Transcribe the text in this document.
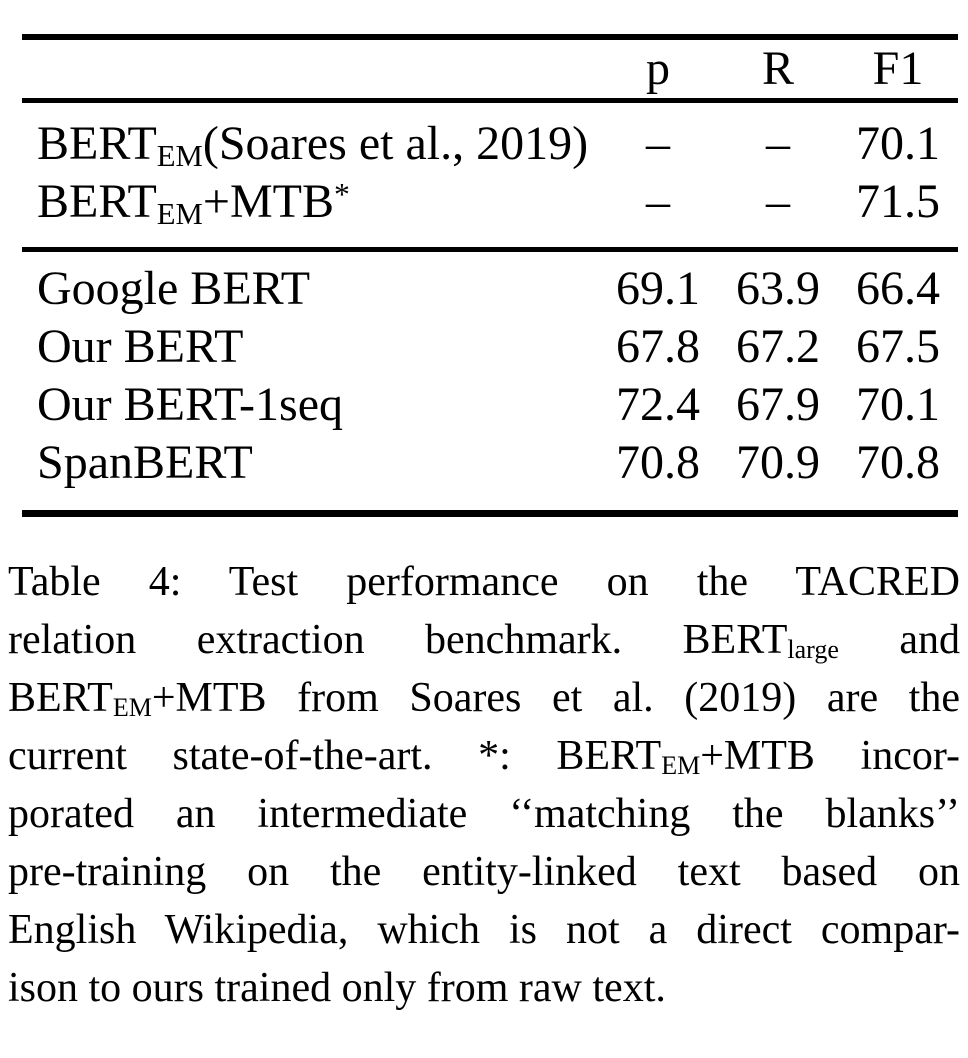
	p	R	F1
$BERT_{EM}(Soares$ et al., 2019)	–	–	70.1
$BERT_{EM}+MTB^*$	–	–	71.5
Google BERT	69.1	63.9	66.4
Our BERT	67.8	67.2	67.5
Our BERT-1seq	72.4	67.9	70.1
SpanBERT	70.8	70.9	70.8
Table 4: Test performance on the TACRED
relation extraction benchmark. $BERT_{large}$ and
$BERT_{EM}+MTB$ from Soares et al. (2019) are the
current state-of-the-art. *: $BERT_{EM}+MTB$ incor-
porated an intermediate ‘‘matching the blanks’’
pre-training on the entity-linked text based on
English Wikipedia, which is not a direct compar-
ison to ours trained only from raw text.
